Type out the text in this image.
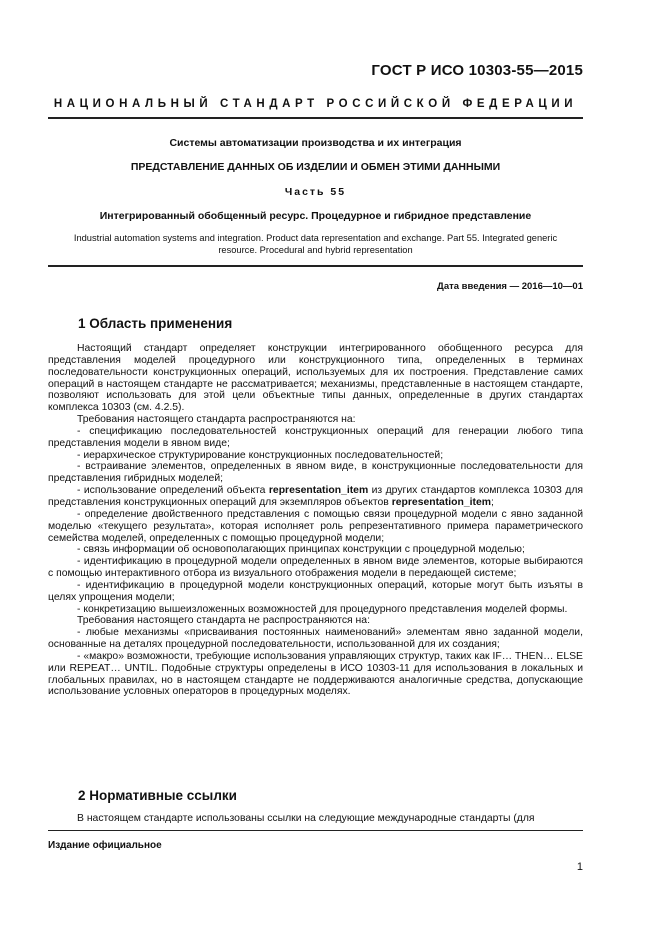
ГОСТ Р ИСО 10303-55—2015
НАЦИОНАЛЬНЫЙ СТАНДАРТ РОССИЙСКОЙ ФЕДЕРАЦИИ
Системы автоматизации производства и их интеграция
ПРЕДСТАВЛЕНИЕ ДАННЫХ ОБ ИЗДЕЛИИ И ОБМЕН ЭТИМИ ДАННЫМИ
Часть 55
Интегрированный обобщенный ресурс. Процедурное и гибридное представление
Industrial automation systems and integration. Product data representation and exchange. Part 55. Integrated generic
resource. Procedural and hybrid representation
Дата введения — 2016—10—01
1 Область применения

Настоящий стандарт определяет конструкции интегрированного обобщенного ресурса для представления моделей процедурного или конструкционного типа, определенных в терминах последовательности конструкционных операций, используемых для их построения. Представление самих операций в настоящем стандарте не рассматривается; механизмы, представленные в настоящем стандарте, позволяют использовать для этой цели объектные типы данных, определенные в других стандартах комплекса 10303 (см. 4.2.5).

Требования настоящего стандарта распространяются на:

- спецификацию последовательностей конструкционных операций для генерации любого типа представления модели в явном виде;

- иерархическое структурирование конструкционных последовательностей;

- встраивание элементов, определенных в явном виде, в конструкционные последовательности для представления гибридных моделей;

- использование определений объекта representation_item из других стандартов комплекса 10303 для представления конструкционных операций для экземпляров объектов representation_item;

- определение двойственного представления с помощью связи процедурной модели с явно заданной моделью «текущего результата», которая исполняет роль репрезентативного примера параметрического семейства моделей, определенных с помощью процедурной модели;

- связь информации об основополагающих принципах конструкции с процедурной моделью;

- идентификацию в процедурной модели определенных в явном виде элементов, которые выбираются с помощью интерактивного отбора из визуального отображения модели в передающей системе;

- идентификацию в процедурной модели конструкционных операций, которые могут быть изъяты в целях упрощения модели;

- конкретизацию вышеизложенных возможностей для процедурного представления моделей формы.

Требования настоящего стандарта не распространяются на:

- любые механизмы «присваивания постоянных наименований» элементам явно заданной модели, основанные на деталях процедурной последовательности, использованной для их создания;

- «макро» возможности, требующие использования управляющих структур, таких как IF… THEN… ELSE или REPEAT… UNTIL. Подобные структуры определены в ИСО 10303-11 для использования в локальных и глобальных правилах, но в настоящем стандарте не поддерживаются аналогичные средства, допускающие использование условных операторов в процедурных моделях.

2 Нормативные ссылки

В настоящем стандарте использованы ссылки на следующие международные стандарты (для

Издание официальное
1
